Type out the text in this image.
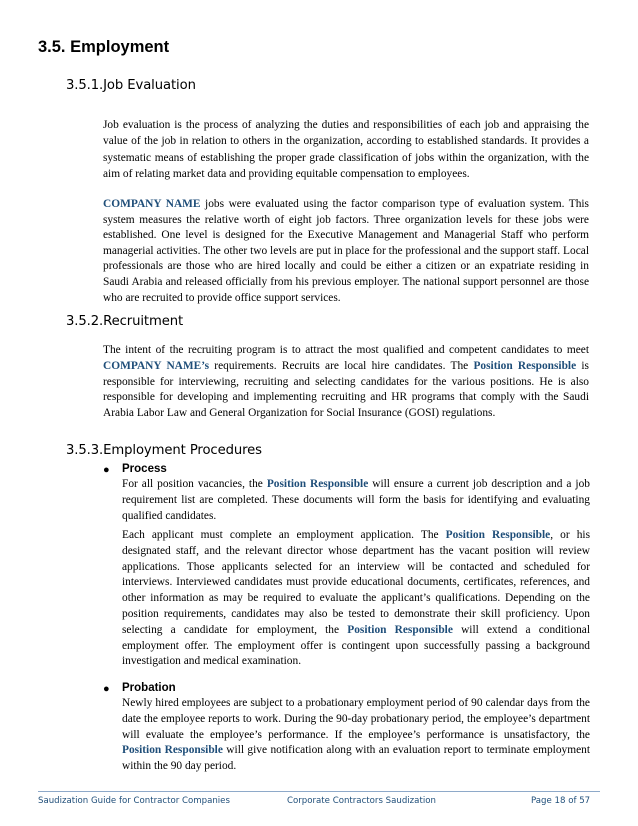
3.5. Employment
3.5.1.Job Evaluation

Job evaluation is the process of analyzing the duties and responsibilities of each job and appraising the value of the job in relation to others in the organization, according to established standards. It provides a systematic means of establishing the proper grade classification of jobs within the organization, with the aim of relating market data and providing equitable compensation to employees.

COMPANY NAME jobs were evaluated using the factor comparison type of evaluation system. This system measures the relative worth of eight job factors. Three organization levels for these jobs were established. One level is designed for the Executive Management and Managerial Staff who perform managerial activities. The other two levels are put in place for the professional and the support staff. Local professionals are those who are hired locally and could be either a citizen or an expatriate residing in Saudi Arabia and released officially from his previous employer. The national support personnel are those who are recruited to provide office support services.

3.5.2.Recruitment

The intent of the recruiting program is to attract the most qualified and competent candidates to meet COMPANY NAME’s requirements. Recruits are local hire candidates. The Position Responsible is responsible for interviewing, recruiting and selecting candidates for the various positions. He is also responsible for developing and implementing recruiting and HR programs that comply with the Saudi Arabia Labor Law and General Organization for Social Insurance (GOSI) regulations.

3.5.3.Employment Procedures
● Process

For all position vacancies, the Position Responsible will ensure a current job description and a job requirement list are completed. These documents will form the basis for identifying and evaluating qualified candidates.

Each applicant must complete an employment application. The Position Responsible, or his designated staff, and the relevant director whose department has the vacant position will review applications. Those applicants selected for an interview will be contacted and scheduled for interviews. Interviewed candidates must provide educational documents, certificates, references, and other information as may be required to evaluate the applicant’s qualifications. Depending on the position requirements, candidates may also be tested to demonstrate their skill proficiency. Upon selecting a candidate for employment, the Position Responsible will extend a conditional employment offer. The employment offer is contingent upon successfully passing a background investigation and medical examination.

● Probation

Newly hired employees are subject to a probationary employment period of 90 calendar days from the date the employee reports to work. During the 90-day probationary period, the employee’s department will evaluate the employee’s performance. If the employee’s performance is unsatisfactory, the Position Responsible will give notification along with an evaluation report to terminate employment within the 90 day period.

Saudization Guide for Contractor Companies	Corporate Contractors Saudization	Page 18 of 57
